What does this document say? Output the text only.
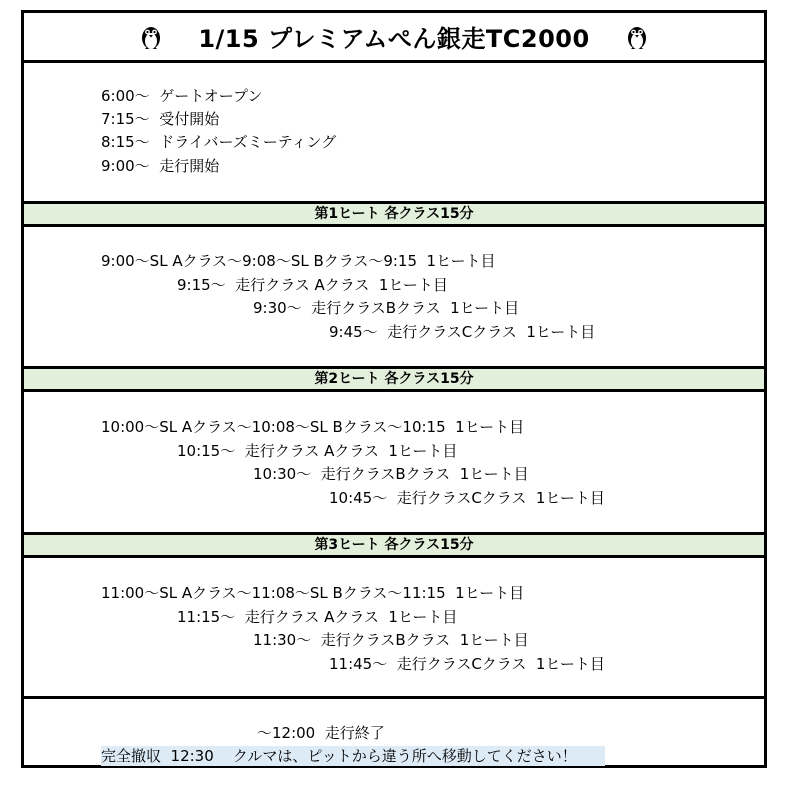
1/15 プレミアムぺん銀走TC2000
6:00～  ゲートオープン
7:15～  受付開始
8:15～  ドライバーズミーティング
9:00～  走行開始
第1ヒート 各クラス15分
9:00～SL Aクラス～9:08～SL Bクラス～9:15  1ヒート目
9:15～  走行クラス Aクラス  1ヒート目
9:30～  走行クラスBクラス  1ヒート目
9:45～  走行クラスCクラス  1ヒート目
第2ヒート 各クラス15分
10:00～SL Aクラス～10:08～SL Bクラス～10:15  1ヒート目
10:15～  走行クラス Aクラス  1ヒート目
10:30～  走行クラスBクラス  1ヒート目
10:45～  走行クラスCクラス  1ヒート目
第3ヒート 各クラス15分
11:00～SL Aクラス～11:08～SL Bクラス～11:15  1ヒート目
11:15～  走行クラス Aクラス  1ヒート目
11:30～  走行クラスBクラス  1ヒート目
11:45～  走行クラスCクラス  1ヒート目
～12:00  走行終了
完全撤収  12:30    クルマは、ピットから違う所へ移動してください！
